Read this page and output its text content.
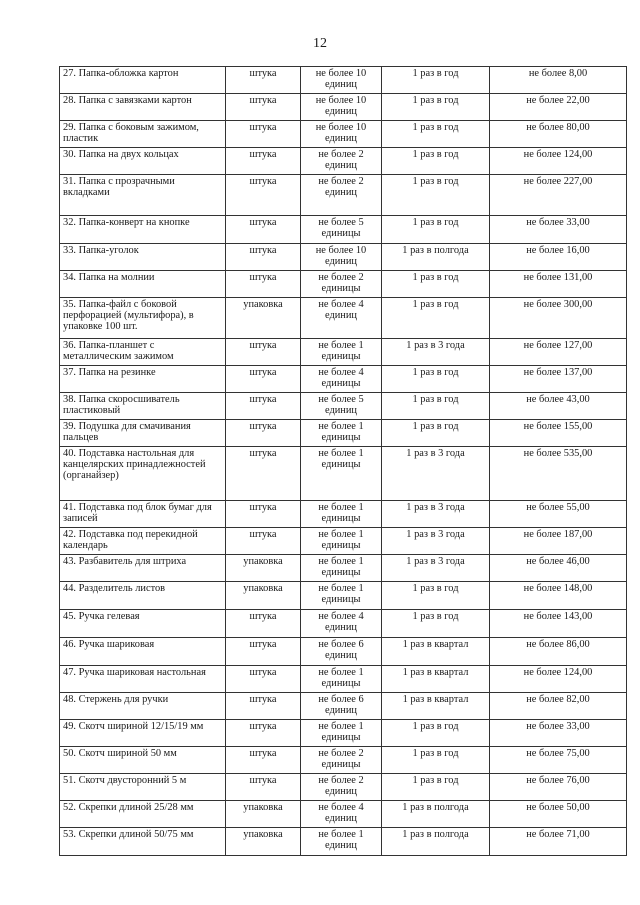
12
27. Папка-обложка картон	штука	не более 10 единиц	1 раз в год	не более 8,00
28. Папка с завязками картон	штука	не более 10 единиц	1 раз в год	не более 22,00
29. Папка с боковым зажимом, пластик	штука	не более 10 единиц	1 раз в год	не более 80,00
30. Папка на двух кольцах	штука	не более 2 единиц	1 раз в год	не более 124,00
31. Папка с прозрачными вкладками	штука	не более 2 единиц	1 раз в год	не более 227,00
32. Папка-конверт на кнопке	штука	не более 5 единицы	1 раз в год	не более 33,00
33. Папка-уголок	штука	не более 10 единиц	1 раз в полгода	не более 16,00
34. Папка на молнии	штука	не более 2 единицы	1 раз в год	не более 131,00
35. Папка-файл с боковой перфорацией (мультифора), в упаковке 100 шт.	упаковка	не более 4 единиц	1 раз в год	не более 300,00
36. Папка-планшет с металлическим зажимом	штука	не более 1 единицы	1 раз в 3 года	не более 127,00
37. Папка на резинке	штука	не более 4 единицы	1 раз в год	не более 137,00
38. Папка скоросшиватель пластиковый	штука	не более 5 единиц	1 раз в год	не более 43,00
39. Подушка для смачивания пальцев	штука	не более 1 единицы	1 раз в год	не более 155,00
40. Подставка настольная для канцелярских принадлежностей (органайзер)	штука	не более 1 единицы	1 раз в 3 года	не более 535,00
41. Подставка под блок бумаг для записей	штука	не более 1 единицы	1 раз в 3 года	не более 55,00
42. Подставка под перекидной календарь	штука	не более 1 единицы	1 раз в 3 года	не более 187,00
43. Разбавитель для штриха	упаковка	не более 1 единицы	1 раз в 3 года	не более 46,00
44. Разделитель листов	упаковка	не более 1 единицы	1 раз в год	не более 148,00
45. Ручка гелевая	штука	не более 4 единиц	1 раз в год	не более 143,00
46. Ручка шариковая	штука	не более 6 единиц	1 раз в квартал	не более 86,00
47. Ручка шариковая настольная	штука	не более 1 единицы	1 раз в квартал	не более 124,00
48. Стержень для ручки	штука	не более 6 единиц	1 раз в квартал	не более 82,00
49. Скотч шириной 12/15/19 мм	штука	не более 1 единицы	1 раз в год	не более 33,00
50. Скотч шириной 50 мм	штука	не более 2 единицы	1 раз в год	не более 75,00
51. Скотч двусторонний 5 м	штука	не более 2 единиц	1 раз в год	не более 76,00
52. Скрепки длиной 25/28 мм	упаковка	не более 4 единиц	1 раз в полгода	не более 50,00
53. Скрепки длиной 50/75 мм	упаковка	не более 1 единиц	1 раз в полгода	не более 71,00
